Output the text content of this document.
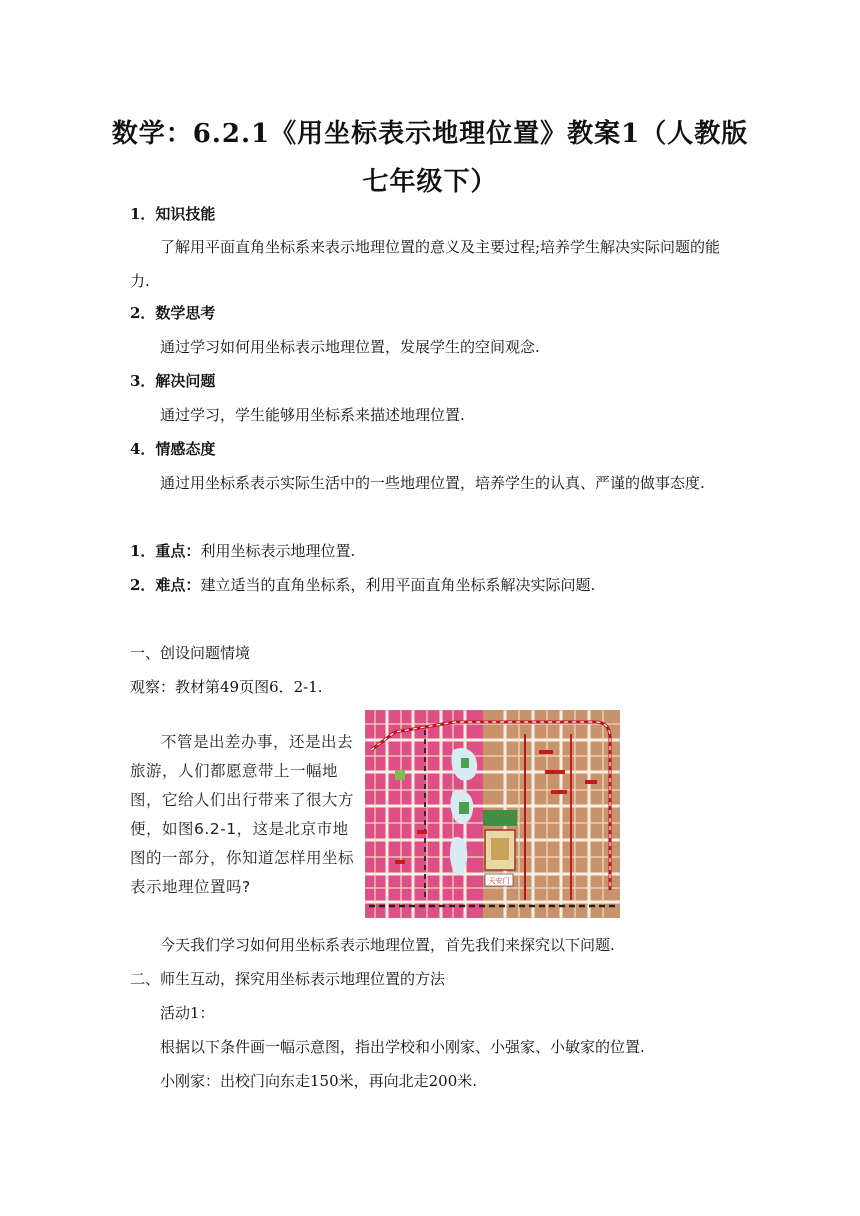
数学：6.2.1《用坐标表示地理位置》教案1（人教版七年级下）
1．知识技能
了解用平面直角坐标系来表示地理位置的意义及主要过程;培养学生解决实际问题的能力.
2．数学思考
通过学习如何用坐标表示地理位置，发展学生的空间观念.
3．解决问题
通过学习，学生能够用坐标系来描述地理位置.
4．情感态度
通过用坐标系表示实际生活中的一些地理位置，培养学生的认真、严谨的做事态度.
1．重点：利用坐标表示地理位置.
2．难点：建立适当的直角坐标系，利用平面直角坐标系解决实际问题.
一、创设问题情境
观察：教材第49页图6．2-1.
不管是出差办事，还是出去旅游，人们都愿意带上一幅地图，它给人们出行带来了很大方便，如图6.2-1，这是北京市地图的一部分，你知道怎样用坐标表示地理位置吗?	天安门
今天我们学习如何用坐标系表示地理位置，首先我们来探究以下问题.
二、师生互动，探究用坐标表示地理位置的方法
活动1：
根据以下条件画一幅示意图，指出学校和小刚家、小强家、小敏家的位置.
小刚家：出校门向东走150米，再向北走200米.
